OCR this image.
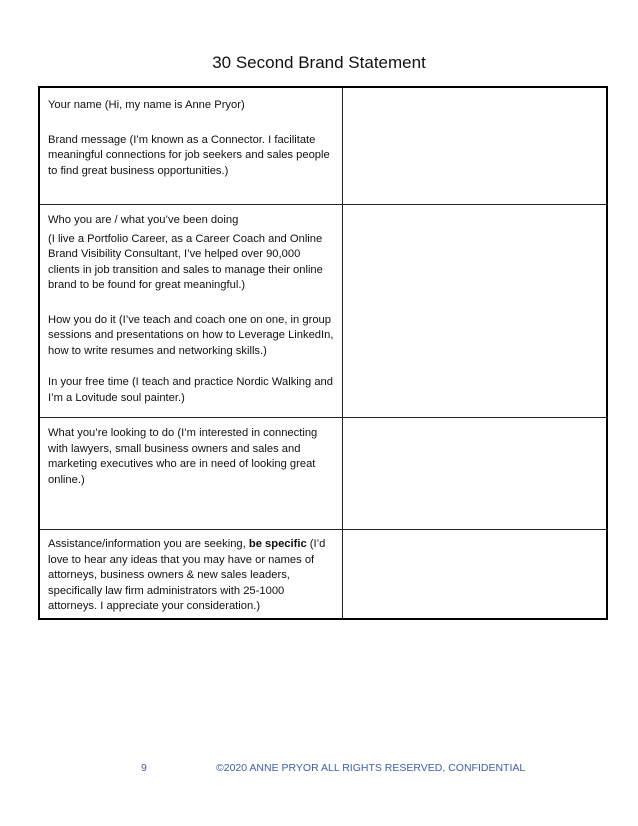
30 Second Brand Statement

Your name (Hi, my name is Anne Pryor)

Brand message (I’m known as a Connector. I facilitate meaningful connections for job seekers and sales people to find great business opportunities.)	

Who you are / what you’ve been doing

(I live a Portfolio Career, as a Career Coach and Online Brand Visibility Consultant, I’ve helped over 90,000 clients in job transition and sales to manage their online brand to be found for great meaningful.)

How you do it (I’ve teach and coach one on one, in group sessions and presentations on how to Leverage LinkedIn, how to write resumes and networking skills.)

In your free time (I teach and practice Nordic Walking and I’m a Lovitude soul painter.)	

What you’re looking to do (I’m interested in connecting with lawyers, small business owners and sales and marketing executives who are in need of looking great online.)	

Assistance/information you are seeking, be specific (I’d love to hear any ideas that you may have or names of attorneys, business owners & new sales leaders, specifically law firm administrators with 25-1000 attorneys. I appreciate your consideration.)	

9	©2020 ANNE PRYOR ALL RIGHTS RESERVED, CONFIDENTIAL
